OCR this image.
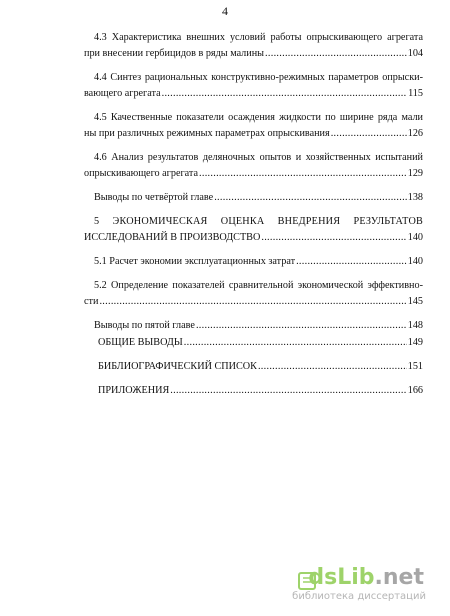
4
4.3 Характеристика внешних условий работы опрыскивающего агрегата
при внесении гербицидов в ряды малины .....	104
4.4 Синтез рациональных конструктивно-режимных параметров опрыски-
вающего агрегата .....	115
4.5 Качественные показатели осаждения жидкости по ширине ряда мали
ны при различных режимных параметрах опрыскивания .....	126
4.6 Анализ результатов деляночных опытов и хозяйственных испытаний
опрыскивающего агрегата .....	129
Выводы по четвёртой главе .....	138
5 ЭКОНОМИЧЕСКАЯ ОЦЕНКА ВНЕДРЕНИЯ РЕЗУЛЬТАТОВ
ИССЛЕДОВАНИЙ В ПРОИЗВОДСТВО .....	140
5.1 Расчет экономии эксплуатационных затрат .....	140
5.2 Определение показателей сравнительной экономической эффективно-
сти .....	145
Выводы по пятой главе .....	148
ОБЩИЕ ВЫВОДЫ .....	149
БИБЛИОГРАФИЧЕСКИЙ СПИСОК .....	151
ПРИЛОЖЕНИЯ .....	166
dsLib.net
библиотека диссертаций
